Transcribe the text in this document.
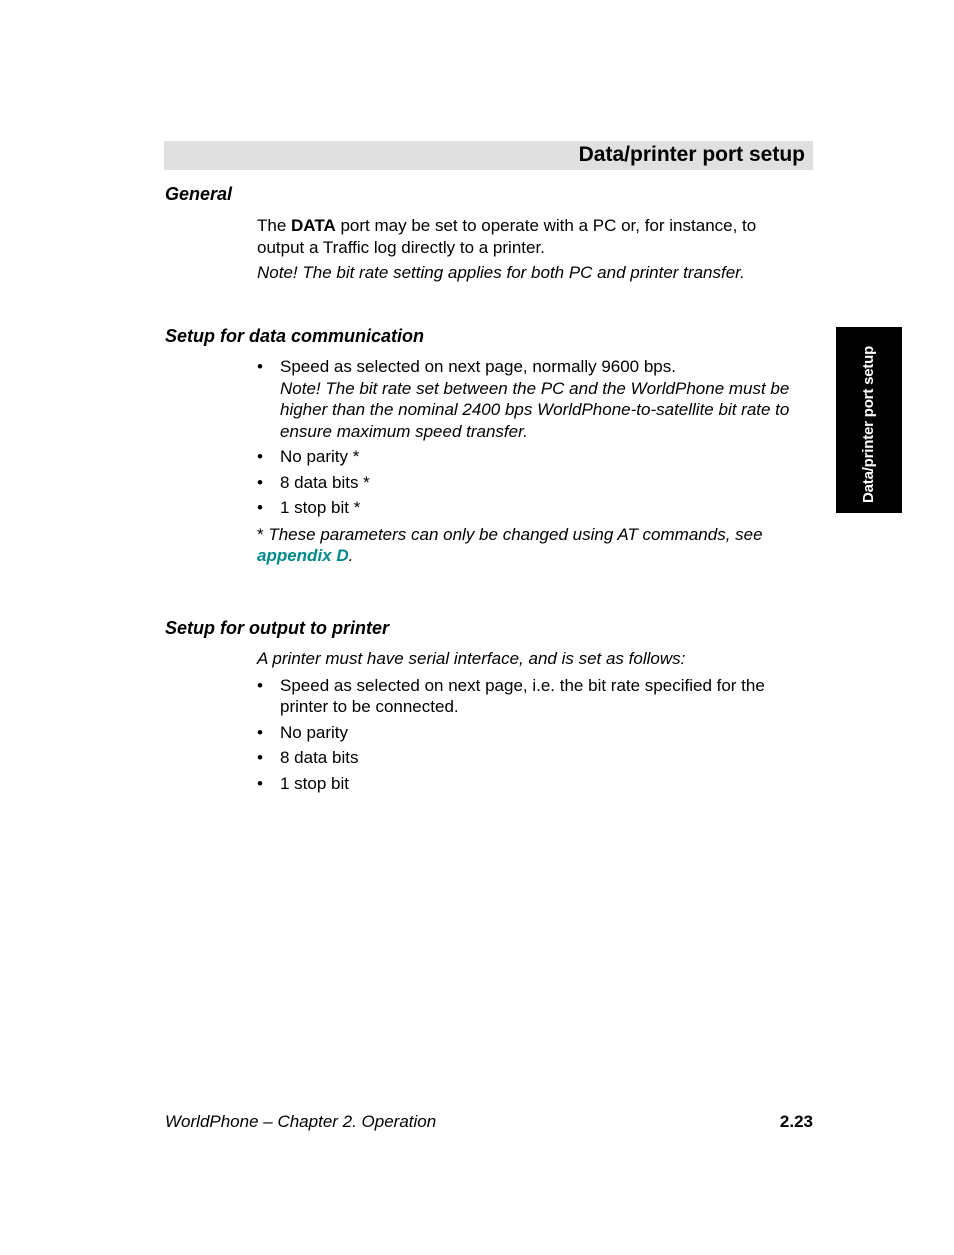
Data/printer port setup
Data/printer port setup
General

The DATA port may be set to operate with a PC or, for instance, to output a Traffic log directly to a printer.

Note! The bit rate setting applies for both PC and printer transfer.

Setup for data communication
• Speed as selected on next page, normally 9600 bps.
Note! The bit rate set between the PC and the WorldPhone must be higher than the nominal 2400 bps WorldPhone-to-satellite bit rate to ensure maximum speed transfer.
• No parity *
• 8 data bits *
• 1 stop bit *

* These parameters can only be changed using AT commands, see appendix D.

Setup for output to printer

A printer must have serial interface, and is set as follows:

• Speed as selected on next page, i.e. the bit rate specified for the printer to be connected.
• No parity
• 8 data bits
• 1 stop bit
WorldPhone – Chapter 2. Operation	2.23
